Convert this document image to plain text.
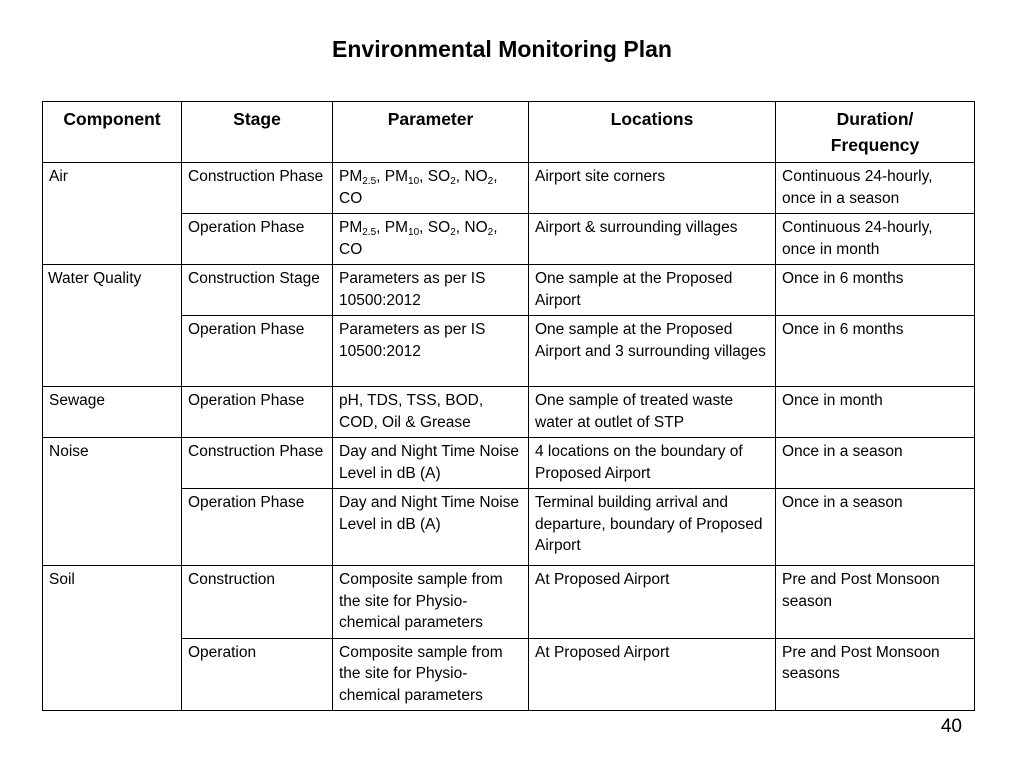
Environmental Monitoring Plan
Component	Stage	Parameter	Locations	Duration/ Frequency
Air	Construction Phase	$PM_{2.5}$, $PM_{10}$, $SO_2$, $NO_2$, CO	Airport site corners	Continuous 24-hourly, once in a season
	Operation Phase	$PM_{2.5}$, $PM_{10}$, $SO_2$, $NO_2$, CO	Airport & surrounding villages	Continuous 24-hourly, once in month
Water Quality	Construction Stage	Parameters as per IS 10500:2012	One sample at the Proposed Airport	Once in 6 months
	Operation Phase	Parameters as per IS 10500:2012	One sample at the Proposed Airport and 3 surrounding villages	Once in 6 months
Sewage	Operation Phase	pH, TDS, TSS, BOD, COD, Oil & Grease	One sample of treated waste water at outlet of STP	Once in month
Noise	Construction Phase	Day and Night Time Noise Level in dB (A)	4 locations on the boundary of Proposed Airport	Once in a season
	Operation Phase	Day and Night Time Noise Level in dB (A)	Terminal building arrival and departure, boundary of Proposed Airport	Once in a season
Soil	Construction	Composite sample from the site for Physio-chemical parameters	At Proposed Airport	Pre and Post Monsoon season
	Operation	Composite sample from the site for Physio-chemical parameters	At Proposed Airport	Pre and Post Monsoon seasons
40
